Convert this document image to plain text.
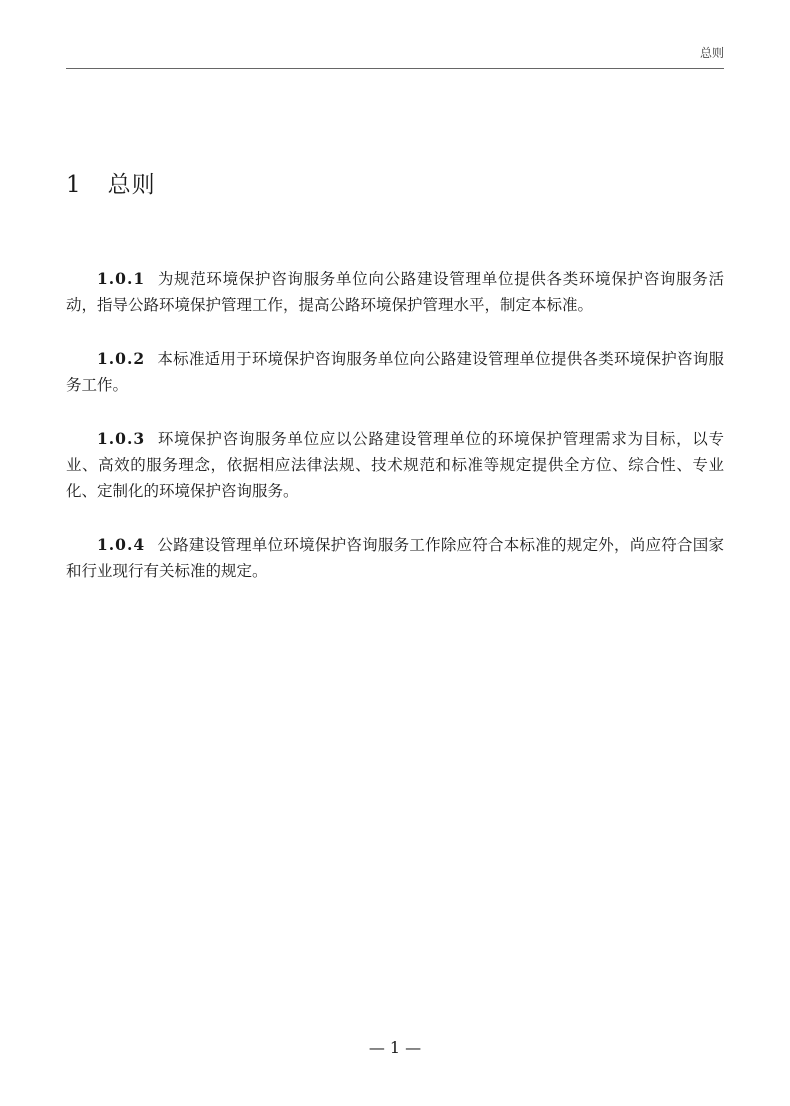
总则
1 总则

1.0.1 为规范环境保护咨询服务单位向公路建设管理单位提供各类环境保护咨询服务活动，指导公路环境保护管理工作，提高公路环境保护管理水平，制定本标准。

1.0.2 本标准适用于环境保护咨询服务单位向公路建设管理单位提供各类环境保护咨询服务工作。

1.0.3 环境保护咨询服务单位应以公路建设管理单位的环境保护管理需求为目标，以专业、高效的服务理念，依据相应法律法规、技术规范和标准等规定提供全方位、综合性、专业化、定制化的环境保护咨询服务。

1.0.4 公路建设管理单位环境保护咨询服务工作除应符合本标准的规定外，尚应符合国家和行业现行有关标准的规定。

— 1 —
